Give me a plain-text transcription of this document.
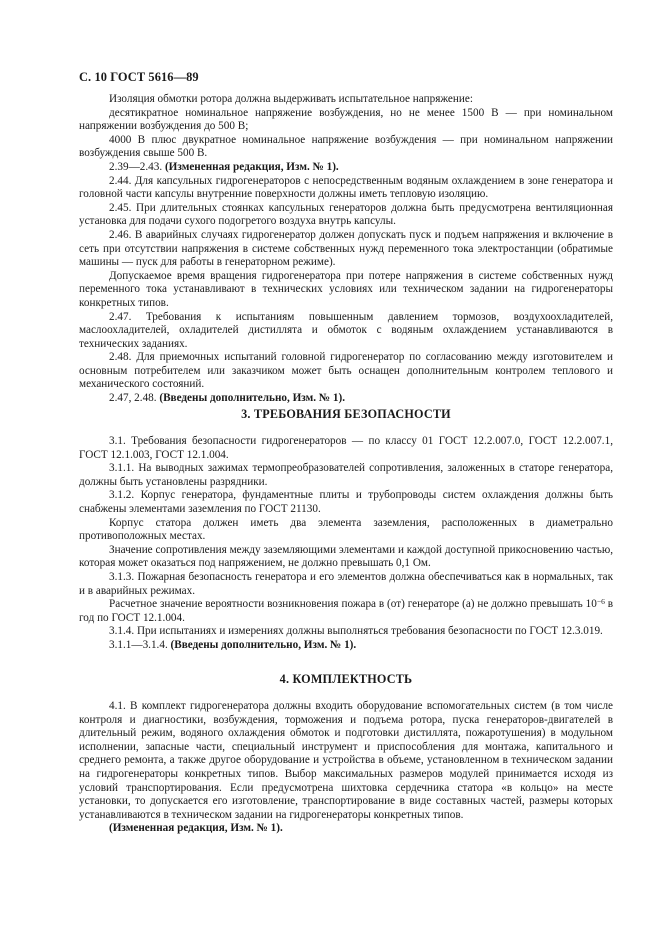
С. 10 ГОСТ 5616—89

Изоляция обмотки ротора должна выдерживать испытательное напряжение:

десятикратное номинальное напряжение возбуждения, но не менее 1500 В — при номинальном напряжении возбуждения до 500 В;

4000 В плюс двукратное номинальное напряжение возбуждения — при номинальном напряжении возбуждения свыше 500 В.

2.39—2.43. (Измененная редакция, Изм. № 1).

2.44. Для капсульных гидрогенераторов с непосредственным водяным охлаждением в зоне генератора и головной части капсулы внутренние поверхности должны иметь тепловую изоляцию.

2.45. При длительных стоянках капсульных генераторов должна быть предусмотрена вентиляционная установка для подачи сухого подогретого воздуха внутрь капсулы.

2.46. В аварийных случаях гидрогенератор должен допускать пуск и подъем напряжения и включение в сеть при отсутствии напряжения в системе собственных нужд переменного тока электростанции (обратимые машины — пуск для работы в генераторном режиме).

Допускаемое время вращения гидрогенератора при потере напряжения в системе собственных нужд переменного тока устанавливают в технических условиях или техническом задании на гидрогенераторы конкретных типов.

2.47. Требования к испытаниям повышенным давлением тормозов, воздухоохладителей, маслоохладителей, охладителей дистиллята и обмоток с водяным охлаждением устанавливаются в технических заданиях.

2.48. Для приемочных испытаний головной гидрогенератор по согласованию между изготовителем и основным потребителем или заказчиком может быть оснащен дополнительным контролем теплового и механического состояний.

2.47, 2.48. (Введены дополнительно, Изм. № 1).

3. ТРЕБОВАНИЯ БЕЗОПАСНОСТИ

3.1. Требования безопасности гидрогенераторов — по классу 01 ГОСТ 12.2.007.0, ГОСТ 12.2.007.1, ГОСТ 12.1.003, ГОСТ 12.1.004.

3.1.1. На выводных зажимах термопреобразователей сопротивления, заложенных в статоре генератора, должны быть установлены разрядники.

3.1.2. Корпус генератора, фундаментные плиты и трубопроводы систем охлаждения должны быть снабжены элементами заземления по ГОСТ 21130.

Корпус статора должен иметь два элемента заземления, расположенных в диаметрально противоположных местах.

Значение сопротивления между заземляющими элементами и каждой доступной прикосновению частью, которая может оказаться под напряжением, не должно превышать 0,1 Ом.

3.1.3. Пожарная безопасность генератора и его элементов должна обеспечиваться как в нормальных, так и в аварийных режимах.

Расчетное значение вероятности возникновения пожара в (от) генераторе (а) не должно превышать $10^{-6}$ в год по ГОСТ 12.1.004.

3.1.4. При испытаниях и измерениях должны выполняться требования безопасности по ГОСТ 12.3.019.

3.1.1—3.1.4. (Введены дополнительно, Изм. № 1).

4. КОМПЛЕКТНОСТЬ

4.1. В комплект гидрогенератора должны входить оборудование вспомогательных систем (в том числе контроля и диагностики, возбуждения, торможения и подъема ротора, пуска генераторов-двигателей в длительный режим, водяного охлаждения обмоток и подготовки дистиллята, пожаротушения) в модульном исполнении, запасные части, специальный инструмент и приспособления для монтажа, капитального и среднего ремонта, а также другое оборудование и устройства в объеме, установленном в техническом задании на гидрогенераторы конкретных типов. Выбор максимальных размеров модулей принимается исходя из условий транспортирования. Если предусмотрена шихтовка сердечника статора «в кольцо» на месте установки, то допускается его изготовление, транспортирование в виде составных частей, размеры которых устанавливаются в техническом задании на гидрогенераторы конкретных типов.

(Измененная редакция, Изм. № 1).
